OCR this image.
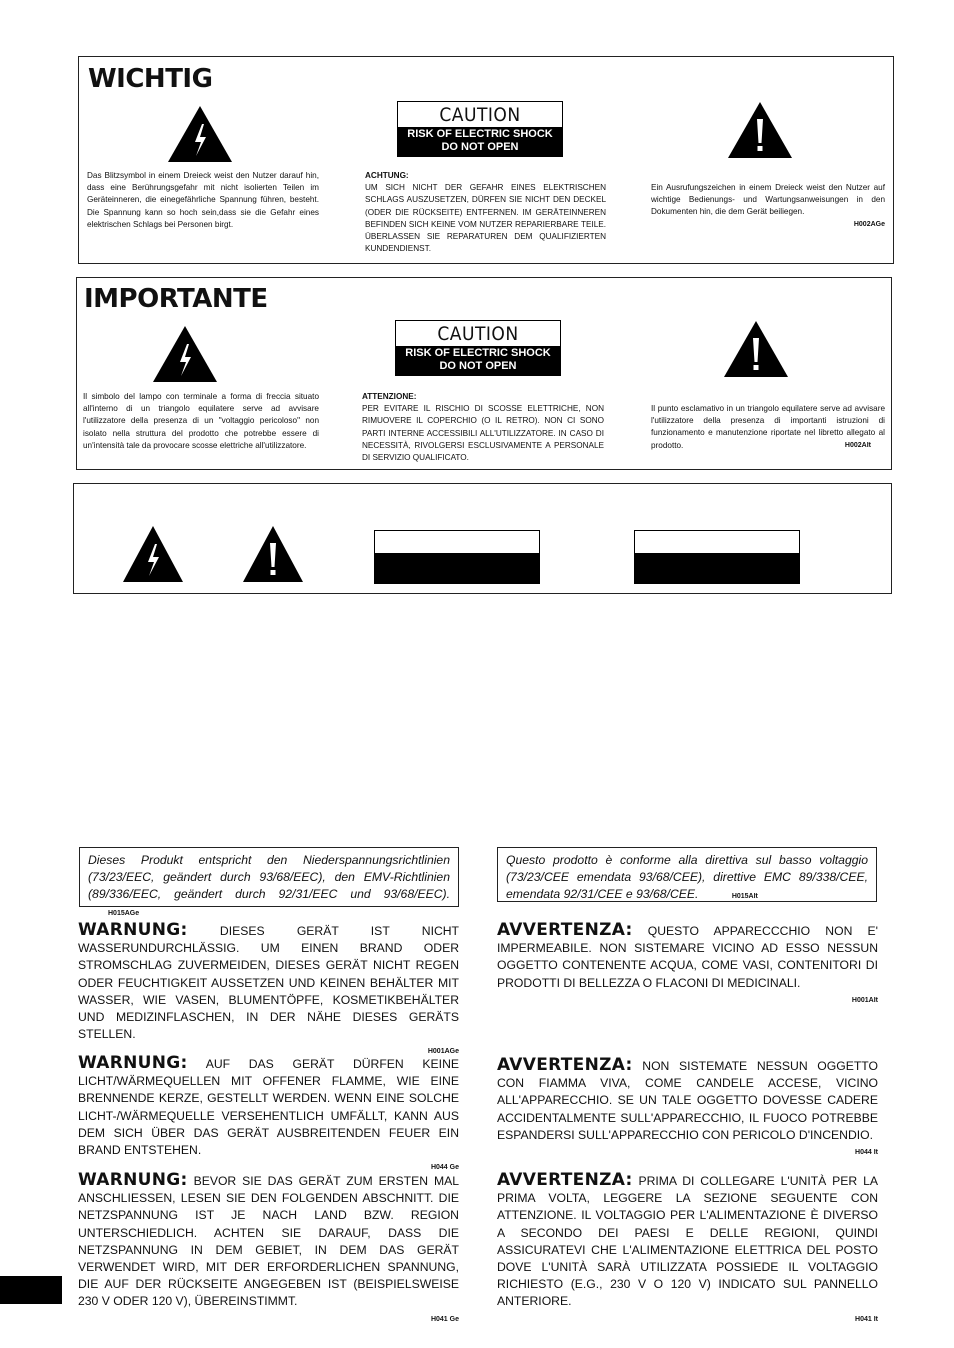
WICHTIG
CAUTION
RISK OF ELECTRIC SHOCK
DO NOT OPEN
Das Blitzsymbol in einem Dreieck weist den Nutzer darauf hin, dass eine Berührungsgefahr mit nicht isolierten Teilen im Geräteinneren, die einegefährliche Spannung führen, besteht. Die Spannung kann so hoch sein,dass sie die Gefahr eines elektrischen Schlags bei Personen birgt.
ACHTUNG:
UM SICH NICHT DER GEFAHR EINES ELEKTRISCHEN SCHLAGS AUSZUSETZEN, DÜRFEN SIE NICHT DEN DECKEL (ODER DIE RÜCKSEITE) ENTFERNEN. IM GERÄTEINNEREN BEFINDEN SICH KEINE VOM NUTZER REPARIERBARE TEILE. ÜBERLASSEN SIE REPARATUREN DEM QUALIFIZIERTEN KUNDENDIENST.
Ein Ausrufungszeichen in einem Dreieck weist den Nutzer auf wichtige Bedienungs- und Wartungsanweisungen in den Dokumenten hin, die dem Gerät beiliegen.
H002AGe
IMPORTANTE
CAUTION
RISK OF ELECTRIC SHOCK
DO NOT OPEN
Il simbolo del lampo con terminale a forma di freccia situato all'interno di un triangolo equilatere serve ad avvisare l'utilizzatore della presenza di un "voltaggio pericoloso" non isolato nella struttura del prodotto che potrebbe essere di un'intensità tale da provocare scosse elettriche all'utilizzatore.
ATTENZIONE:
PER EVITARE IL RISCHIO DI SCOSSE ELETTRICHE, NON RIMUOVERE IL COPERCHIO (O IL RETRO). NON CI SONO PARTI INTERNE ACCESSIBILI ALL'UTILIZZATORE. IN CASO DI NECESSITÀ, RIVOLGERSI ESCLUSIVAMENTE A PERSONALE DI SERVIZIO QUALIFICATO.
Il punto esclamativo in un triangolo equilatere serve ad avvisare l'utilizzatore della presenza di importanti istruzioni di funzionamento e manutenzione riportate nel libretto allegato al prodotto.	H002AIt
Dieses Produkt entspricht den Niederspannungsrichtlinien (73/23/EEC, geändert durch 93/68/EEC), den EMV-Richtlinien (89/336/EEC, geändert durch 92/31/EEC und 93/68/EEC). H015AGe
Questo prodotto è conforme alla direttiva sul basso voltaggio (73/23/CEE emendata 93/68/CEE), direttive EMC 89/338/CEE, emendata 92/31/CEE e 93/68/CEE.	H015AIt
WARNUNG:	DIESES GERÄT IST NICHT WASSERUNDURCHLÄSSIG. UM EINEN BRAND ODER STROMSCHLAG ZUVERMEIDEN, DIESES GERÄT NICHT REGEN ODER FEUCHTIGKEIT AUSSETZEN UND KEINEN BEHÄLTER MIT WASSER, WIE VASEN, BLUMENTÖPFE, KOSMETIKBEHÄLTER UND MEDIZINFLASCHEN, IN DER NÄHE DIESES GERÄTS STELLEN.
H001AGe
WARNUNG: AUF DAS GERÄT DÜRFEN KEINE LICHT/WÄRMEQUELLEN MIT OFFENER FLAMME, WIE EINE BRENNENDE KERZE, GESTELLT WERDEN. WENN EINE SOLCHE LICHT-/WÄRMEQUELLE VERSEHENTLICH UMFÄLLT, KANN AUS DEM SICH ÜBER DAS GERÄT AUSBREITENDEN FEUER EIN BRAND ENTSTEHEN.
H044 Ge
WARNUNG: BEVOR SIE DAS GERÄT ZUM ERSTEN MAL ANSCHLIESSEN, LESEN SIE DEN FOLGENDEN ABSCHNITT. DIE NETZSPANNUNG IST JE NACH LAND BZW. REGION UNTERSCHIEDLICH. ACHTEN SIE DARAUF, DASS DIE NETZSPANNUNG IN DEM GEBIET, IN DEM DAS GERÄT VERWENDET WIRD, MIT DER ERFORDERLICHEN SPANNUNG, DIE AUF DER RÜCKSEITE ANGEGEBEN IST (BEISPIELSWEISE 230 V ODER 120 V), ÜBEREINSTIMMT.
H041 Ge
AVVERTENZA: QUESTO APPARECCCHIO NON E' IMPERMEABILE. NON SISTEMARE VICINO AD ESSO NESSUN OGGETTO CONTENENTE ACQUA, COME VASI, CONTENITORI DI PRODOTTI DI BELLEZZA O FLACONI DI MEDICINALI.
H001AIt
AVVERTENZA: NON SISTEMATE NESSUN OGGETTO CON FIAMMA VIVA, COME CANDELE ACCESE, VICINO ALL'APPARECCHIO. SE UN TALE OGGETTO DOVESSE CADERE ACCIDENTALMENTE SULL'APPARECCHIO, IL FUOCO POTREBBE ESPANDERSI SULL'APPARECCHIO CON PERICOLO D'INCENDIO.
H044 It
AVVERTENZA: PRIMA DI COLLEGARE L'UNITÀ PER LA PRIMA VOLTA, LEGGERE LA SEZIONE SEGUENTE CON ATTENZIONE. IL VOLTAGGIO PER L'ALIMENTAZIONE È DIVERSO A SECONDO DEI PAESI E DELLE REGIONI, QUINDI ASSICURATEVI CHE L'ALIMENTAZIONE ELETTRICA DEL POSTO DOVE L'UNITÀ SARÀ UTILIZZATA POSSIEDE IL VOLTAGGIO RICHIESTO (E.G., 230 V O 120 V) INDICATO SUL PANNELLO ANTERIORE.
H041 It
